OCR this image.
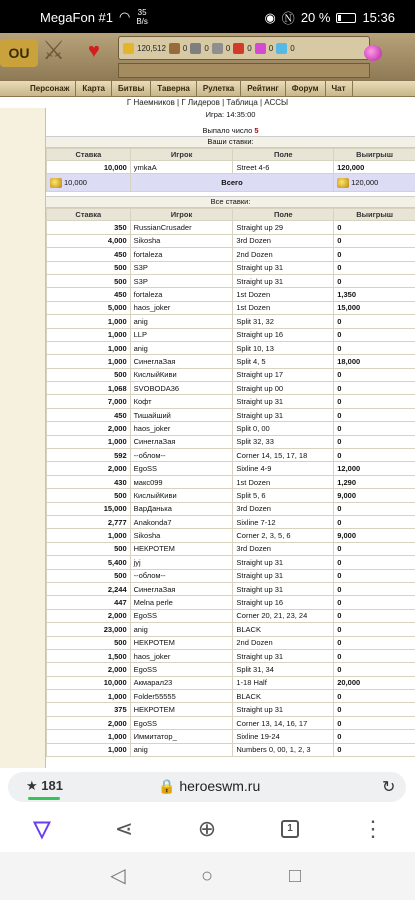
MegaFon #1 ◠ 35
B/s	◉ Ⓝ 20 % 15:36
OU ⚔	♥	120,512 0 0 0 0 0 0
Персонаж	Карта	Битвы	Таверна	Рулетка	Рейтинг	Форум	Чат
Г Наемников | Г Лидеров | Таблица | АССЫ
Игра: 14:35:00
Выпало число 5
Ваши ставки:
Ставка	Игрок	Поле	Выигрыш
10,000	ymkaA	Street 4-6	120,000
10,000	Всего		120,000
Все ставки:
Ставка	Игрок	Поле	Выигрыш
350	RussianCrusader	Straight up 29	0
4,000	Sikosha	3rd Dozen	0
450	fortaleza	2nd Dozen	0
500	S3P	Straight up 31	0
500	S3P	Straight up 31	0
450	fortaleza	1st Dozen	1,350
5,000	haos_joker	1st Dozen	15,000
1,000	anig	Split 31, 32	0
1,000	LLP	Straight up 16	0
1,000	anig	Split 10, 13	0
1,000	СинеглаЗая	Split 4, 5	18,000
500	КислыйКиви	Straight up 17	0
1,068	SVOBODA36	Straight up 00	0
7,000	Кофт	Straight up 31	0
450	Тишайший	Straight up 31	0
2,000	haos_joker	Split 0, 00	0
1,000	СинеглаЗая	Split 32, 33	0
592	--облом--	Corner 14, 15, 17, 18	0
2,000	EgoSS	Sixline 4-9	12,000
430	макс099	1st Dozen	1,290
500	КислыйКиви	Split 5, 6	9,000
15,000	ВарДанька	3rd Dozen	0
2,777	Anakonda7	Sixline 7-12	0
1,000	Sikosha	Corner 2, 3, 5, 6	9,000
500	НЕКРОТЕМ	3rd Dozen	0
5,400	jyj	Straight up 31	0
500	--облом--	Straight up 31	0
2,244	СинеглаЗая	Straight up 31	0
447	Melna perle	Straight up 16	0
2,000	EgoSS	Corner 20, 21, 23, 24	0
23,000	anig	BLACK	0
500	НЕКРОТЕМ	2nd Dozen	0
1,500	haos_joker	Straight up 31	0
2,000	EgoSS	Split 31, 34	0
10,000	Акмарал23	1-18 Half	20,000
1,000	Folder55555	BLACK	0
375	НЕКРОТЕМ	Straight up 31	0
2,000	EgoSS	Corner 13, 14, 16, 17	0
1,000	Иммитатор_	Sixline 19-24	0
1,000	anig	Numbers 0, 00, 1, 2, 3	0
★ 181	🔒 heroeswm.ru	↻
▽	⋖	⊕	1	⋮
◁	○	□
